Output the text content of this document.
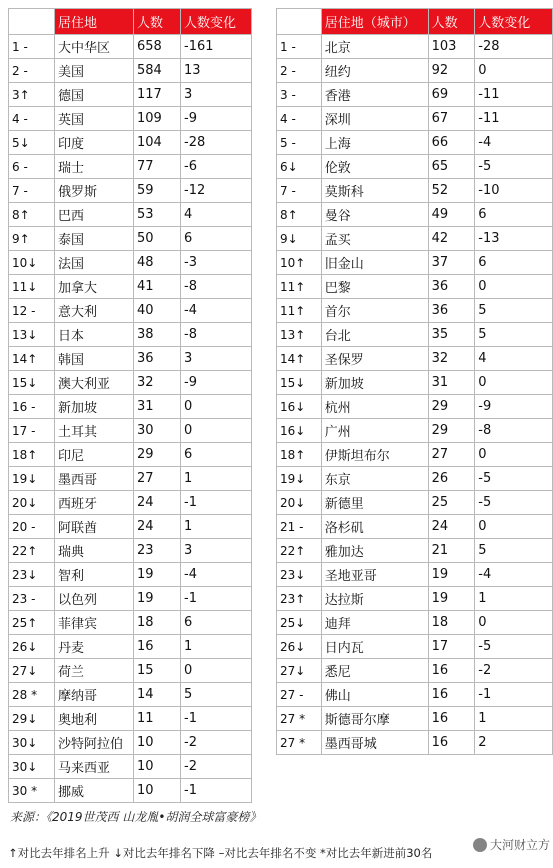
	居住地	人数	人数变化
1 -	大中华区	658	-161
2 -	美国	584	13
3↑	德国	117	3
4 -	英国	109	-9
5↓	印度	104	-28
6 -	瑞士	77	-6
7 -	俄罗斯	59	-12
8↑	巴西	53	4
9↑	泰国	50	6
10↓	法国	48	-3
11↓	加拿大	41	-8
12 -	意大利	40	-4
13↓	日本	38	-8
14↑	韩国	36	3
15↓	澳大利亚	32	-9
16 -	新加坡	31	0
17 -	土耳其	30	0
18↑	印尼	29	6
19↓	墨西哥	27	1
20↓	西班牙	24	-1
20 -	阿联酋	24	1
22↑	瑞典	23	3
23↓	智利	19	-4
23 -	以色列	19	-1
25↑	菲律宾	18	6
26↓	丹麦	16	1
27↓	荷兰	15	0
28 *	摩纳哥	14	5
29↓	奥地利	11	-1
30↓	沙特阿拉伯	10	-2
30↓	马来西亚	10	-2
30 *	挪威	10	-1
	居住地（城市）	人数	人数变化
1 -	北京	103	-28
2 -	纽约	92	0
3 -	香港	69	-11
4 -	深圳	67	-11
5 -	上海	66	-4
6↓	伦敦	65	-5
7 -	莫斯科	52	-10
8↑	曼谷	49	6
9↓	孟买	42	-13
10↑	旧金山	37	6
11↑	巴黎	36	0
11↑	首尔	36	5
13↑	台北	35	5
14↑	圣保罗	32	4
15↓	新加坡	31	0
16↓	杭州	29	-9
16↓	广州	29	-8
18↑	伊斯坦布尔	27	0
19↓	东京	26	-5
20↓	新德里	25	-5
21 -	洛杉矶	24	0
22↑	雅加达	21	5
23↓	圣地亚哥	19	-4
23↑	达拉斯	19	1
25↓	迪拜	18	0
26↓	日内瓦	17	-5
27↓	悉尼	16	-2
27 -	佛山	16	-1
27 *	斯德哥尔摩	16	1
27 *	墨西哥城	16	2
来源：《2019世茂西 山龙胤•胡润全球富豪榜》
↑对比去年排名上升 ↓对比去年排名下降 –对比去年排名不变 *对比去年新进前30名
大河财立方
